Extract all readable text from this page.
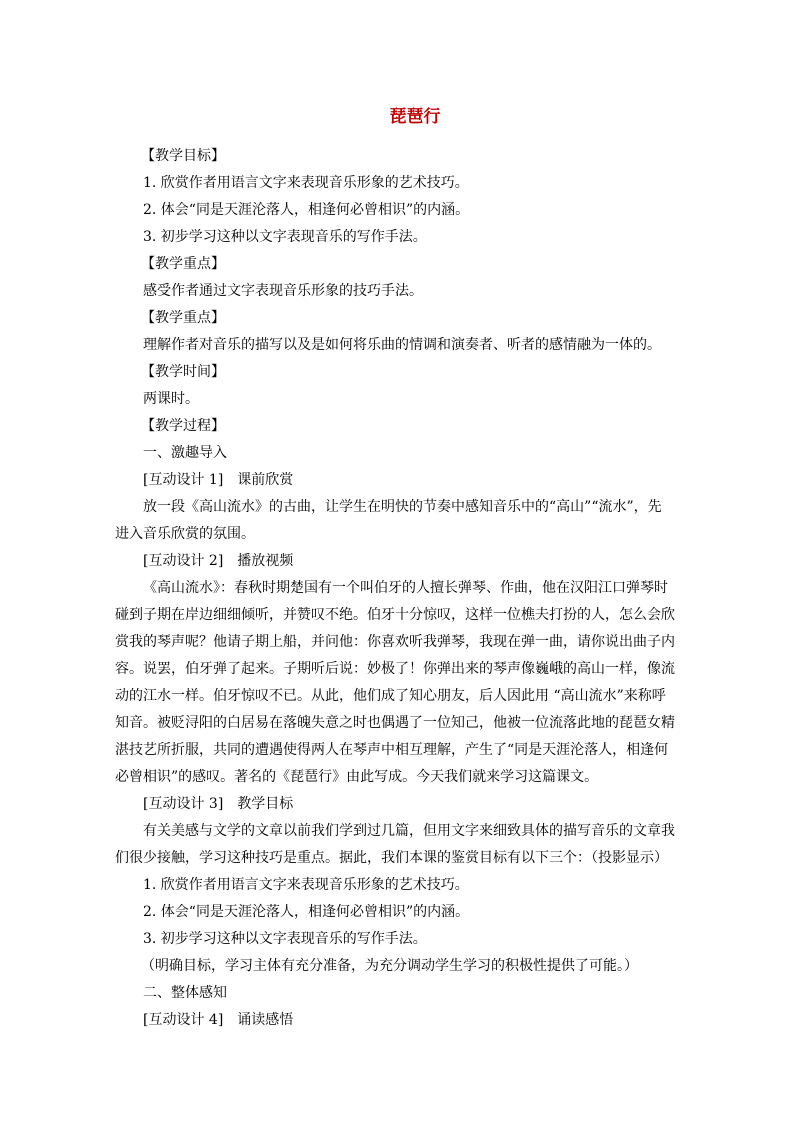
琵琶行
【教学目标】
1. 欣赏作者用语言文字来表现音乐形象的艺术技巧。
2. 体会“同是天涯沦落人，相逢何必曾相识”的内涵。
3. 初步学习这种以文字表现音乐的写作手法。
【教学重点】
感受作者通过文字表现音乐形象的技巧手法。
【教学重点】
理解作者对音乐的描写以及是如何将乐曲的情调和演奏者、听者的感情融为一体的。
【教学时间】
两课时。
【教学过程】
一、激趣导入
[互动设计 1]　课前欣赏
放一段《高山流水》的古曲，让学生在明快的节奏中感知音乐中的“高山”“流水”，先
进入音乐欣赏的氛围。
[互动设计 2]　播放视频
《高山流水》：春秋时期楚国有一个叫伯牙的人擅长弹琴、作曲，他在汉阳江口弹琴时
碰到子期在岸边细细倾听，并赞叹不绝。伯牙十分惊叹，这样一位樵夫打扮的人，怎么会欣
赏我的琴声呢？他请子期上船，并问他：你喜欢听我弹琴，我现在弹一曲，请你说出曲子内
容。说罢，伯牙弹了起来。子期听后说：妙极了！你弹出来的琴声像巍峨的高山一样，像流
动的江水一样。伯牙惊叹不已。从此，他们成了知心朋友，后人因此用 “高山流水”来称呼
知音。被贬浔阳的白居易在落魄失意之时也偶遇了一位知己，他被一位流落此地的琵琶女精
湛技艺所折服，共同的遭遇使得两人在琴声中相互理解，产生了“同是天涯沦落人，相逢何
必曾相识”的感叹。著名的《琵琶行》由此写成。今天我们就来学习这篇课文。
[互动设计 3]　教学目标
有关美感与文学的文章以前我们学到过几篇，但用文字来细致具体的描写音乐的文章我
们很少接触，学习这种技巧是重点。据此，我们本课的鉴赏目标有以下三个：（投影显示）
1. 欣赏作者用语言文字来表现音乐形象的艺术技巧。
2. 体会“同是天涯沦落人，相逢何必曾相识”的内涵。
3. 初步学习这种以文字表现音乐的写作手法。
（明确目标，学习主体有充分准备，为充分调动学生学习的积极性提供了可能。）
二、整体感知
[互动设计 4]　诵读感悟
